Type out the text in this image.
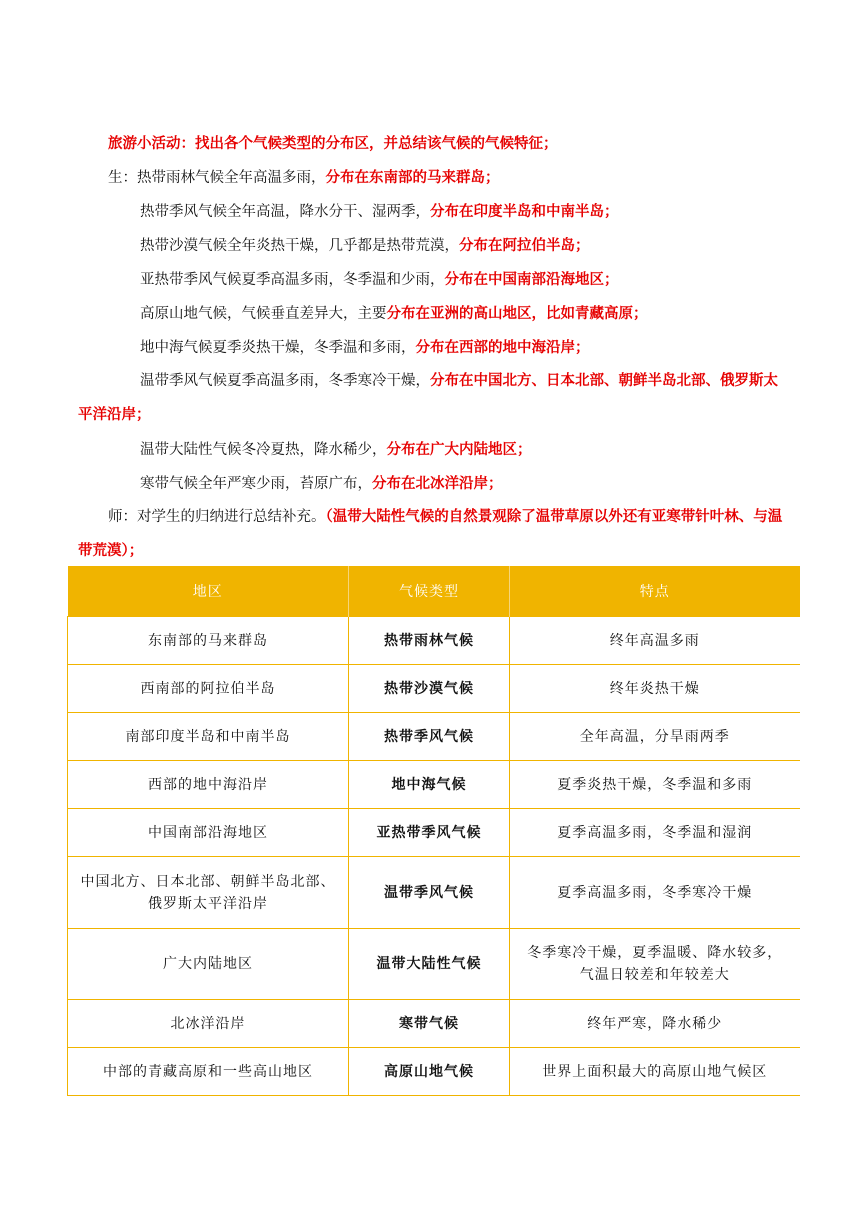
旅游小活动：找出各个气候类型的分布区，并总结该气候的气候特征；

生：热带雨林气候全年高温多雨，分布在东南部的马来群岛；

热带季风气候全年高温，降水分干、湿两季，分布在印度半岛和中南半岛；

热带沙漠气候全年炎热干燥，几乎都是热带荒漠，分布在阿拉伯半岛；

亚热带季风气候夏季高温多雨，冬季温和少雨，分布在中国南部沿海地区；

高原山地气候，气候垂直差异大，主要分布在亚洲的高山地区，比如青藏高原；

地中海气候夏季炎热干燥，冬季温和多雨，分布在西部的地中海沿岸；

温带季风气候夏季高温多雨，冬季寒冷干燥，分布在中国北方、日本北部、朝鲜半岛北部、俄罗斯太平洋沿岸；

温带大陆性气候冬冷夏热，降水稀少，分布在广大内陆地区；

寒带气候全年严寒少雨，苔原广布，分布在北冰洋沿岸；

师：对学生的归纳进行总结补充。（温带大陆性气候的自然景观除了温带草原以外还有亚寒带针叶林、与温带荒漠）；

地区	气候类型	特点
东南部的马来群岛	热带雨林气候	终年高温多雨
西南部的阿拉伯半岛	热带沙漠气候	终年炎热干燥
南部印度半岛和中南半岛	热带季风气候	全年高温，分旱雨两季
西部的地中海沿岸	地中海气候	夏季炎热干燥，冬季温和多雨
中国南部沿海地区	亚热带季风气候	夏季高温多雨，冬季温和湿润
中国北方、日本北部、朝鲜半岛北部、俄罗斯太平洋沿岸	温带季风气候	夏季高温多雨，冬季寒冷干燥
广大内陆地区	温带大陆性气候	冬季寒冷干燥，夏季温暖、降水较多，气温日较差和年较差大
北冰洋沿岸	寒带气候	终年严寒，降水稀少
中部的青藏高原和一些高山地区	高原山地气候	世界上面积最大的高原山地气候区
